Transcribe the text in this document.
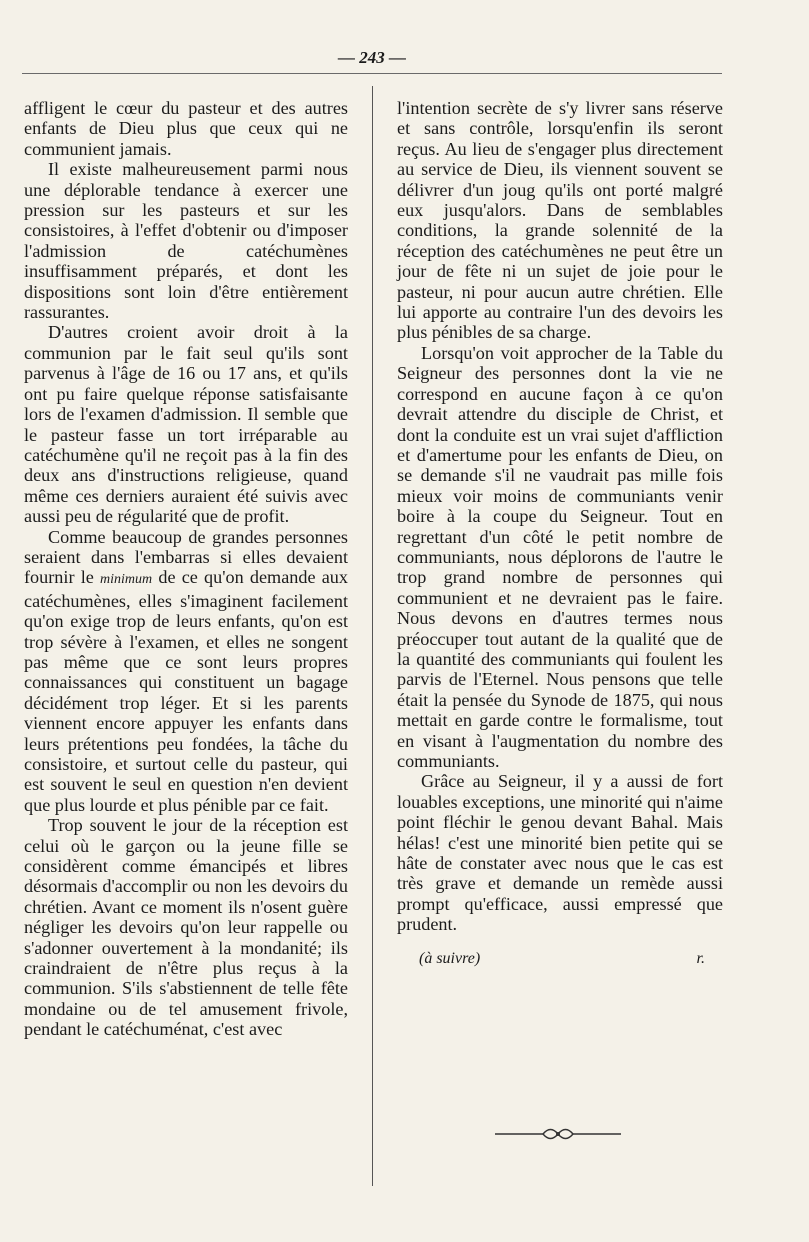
— 243 —

affligent le cœur du pasteur et des autres enfants de Dieu plus que ceux qui ne communient jamais.

Il existe malheureusement parmi nous une déplorable tendance à exercer une pression sur les pasteurs et sur les consistoires, à l'effet d'obtenir ou d'imposer l'admission de catéchumènes insuffisamment préparés, et dont les dispositions sont loin d'être entièrement rassurantes.

D'autres croient avoir droit à la communion par le fait seul qu'ils sont parvenus à l'âge de 16 ou 17 ans, et qu'ils ont pu faire quelque réponse satisfaisante lors de l'examen d'admission. Il semble que le pasteur fasse un tort irréparable au catéchumène qu'il ne reçoit pas à la fin des deux ans d'instructions religieuse, quand même ces derniers auraient été suivis avec aussi peu de régularité que de profit.

Comme beaucoup de grandes personnes seraient dans l'embarras si elles devaient fournir le minimum de ce qu'on demande aux catéchumènes, elles s'imaginent facilement qu'on exige trop de leurs enfants, qu'on est trop sévère à l'examen, et elles ne songent pas même que ce sont leurs propres connaissances qui constituent un bagage décidément trop léger. Et si les parents viennent encore appuyer les enfants dans leurs prétentions peu fondées, la tâche du consistoire, et surtout celle du pasteur, qui est souvent le seul en question n'en devient que plus lourde et plus pénible par ce fait.

Trop souvent le jour de la réception est celui où le garçon ou la jeune fille se considèrent comme émancipés et libres désormais d'accomplir ou non les devoirs du chrétien. Avant ce moment ils n'osent guère négliger les devoirs qu'on leur rappelle ou s'adonner ouvertement à la mondanité; ils craindraient de n'être plus reçus à la communion. S'ils s'abstiennent de telle fête mondaine ou de tel amusement frivole, pendant le catéchuménat, c'est avec

l'intention secrète de s'y livrer sans réserve et sans contrôle, lorsqu'enfin ils seront reçus. Au lieu de s'engager plus directement au service de Dieu, ils viennent souvent se délivrer d'un joug qu'ils ont porté malgré eux jusqu'alors. Dans de semblables conditions, la grande solennité de la réception des catéchumènes ne peut être un jour de fête ni un sujet de joie pour le pasteur, ni pour aucun autre chrétien. Elle lui apporte au contraire l'un des devoirs les plus pénibles de sa charge.

Lorsqu'on voit approcher de la Table du Seigneur des personnes dont la vie ne correspond en aucune façon à ce qu'on devrait attendre du disciple de Christ, et dont la conduite est un vrai sujet d'affliction et d'amertume pour les enfants de Dieu, on se demande s'il ne vaudrait pas mille fois mieux voir moins de communiants venir boire à la coupe du Seigneur. Tout en regrettant d'un côté le petit nombre de communiants, nous déplorons de l'autre le trop grand nombre de personnes qui communient et ne devraient pas le faire. Nous devons en d'autres termes nous préoccuper tout autant de la qualité que de la quantité des communiants qui foulent les parvis de l'Eternel. Nous pensons que telle était la pensée du Synode de 1875, qui nous mettait en garde contre le formalisme, tout en visant à l'augmentation du nombre des communiants.

Grâce au Seigneur, il y a aussi de fort louables exceptions, une minorité qui n'aime point fléchir le genou devant Bahal. Mais hélas! c'est une minorité bien petite qui se hâte de constater avec nous que le cas est très grave et demande un remède aussi prompt qu'efficace, aussi empressé que prudent.

(à suivre)	r.
